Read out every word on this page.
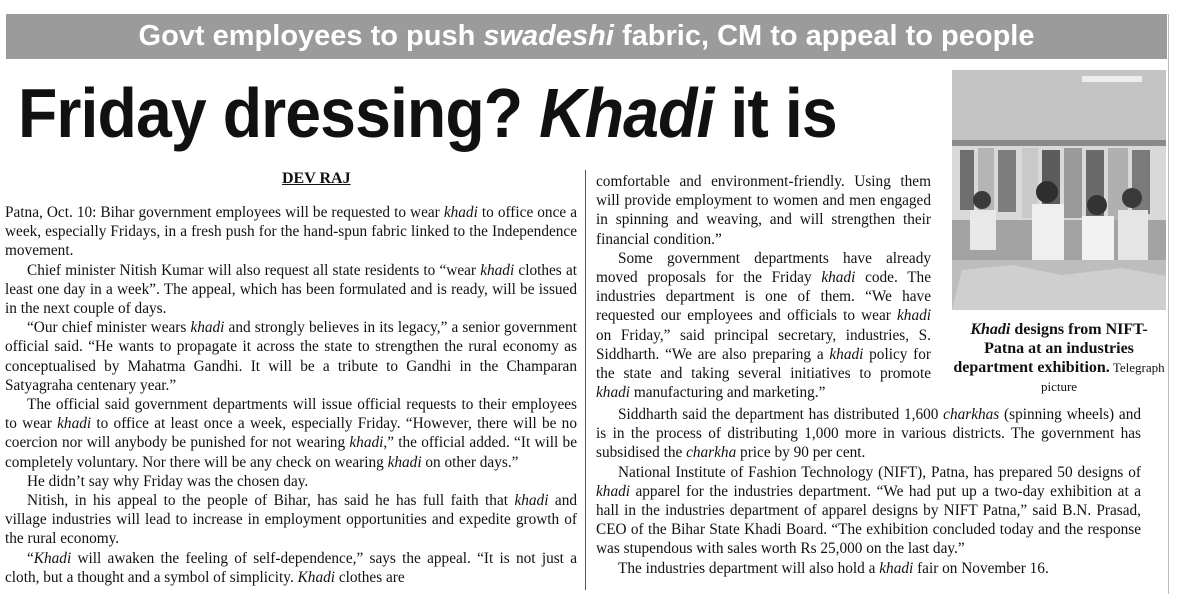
Govt employees to push swadeshi fabric, CM to appeal to people
Friday dressing? Khadi it is
DEV RAJ

Patna, Oct. 10: Bihar government employees will be requested to wear khadi to office once a week, especially Fridays, in a fresh push for the hand-spun fabric linked to the Independence movement.

Chief minister Nitish Kumar will also request all state residents to “wear khadi clothes at least one day in a week”. The appeal, which has been formulated and is ready, will be issued in the next couple of days.

“Our chief minister wears khadi and strongly believes in its legacy,” a senior government official said. “He wants to propagate it across the state to strengthen the rural economy as conceptualised by Mahatma Gandhi. It will be a tribute to Gandhi in the Champaran Satyagraha centenary year.”

The official said government departments will issue official requests to their employees to wear khadi to office at least once a week, especially Friday. “However, there will be no coercion nor will anybody be punished for not wearing khadi,” the official added. “It will be completely voluntary. Nor there will be any check on wearing khadi on other days.”

He didn’t say why Friday was the chosen day.

Nitish, in his appeal to the people of Bihar, has said he has full faith that khadi and village industries will lead to increase in employment opportunities and expedite growth of the rural economy.

“Khadi will awaken the feeling of self-dependence,” says the appeal. “It is not just a cloth, but a thought and a symbol of simplicity. Khadi clothes are

comfortable and environment-friendly. Using them will provide employment to women and men engaged in spinning and weaving, and will strengthen their financial condition.”

Some government departments have already moved proposals for the Friday khadi code. The industries department is one of them. “We have requested our employees and officials to wear khadi on Friday,” said principal secretary, industries, S. Siddharth. “We are also preparing a khadi policy for the state and taking several initiatives to promote khadi manufacturing and marketing.”

Siddharth said the department has distributed 1,600 charkhas (spinning wheels) and is in the process of distributing 1,000 more in various districts. The government has subsidised the charkha price by 90 per cent.

National Institute of Fashion Technology (NIFT), Patna, has prepared 50 designs of khadi apparel for the industries department. “We had put up a two-day exhibition at a hall in the industries department of apparel designs by NIFT Patna,” said B.N. Prasad, CEO of the Bihar State Khadi Board. “The exhibition concluded today and the response was stupendous with sales worth Rs 25,000 on the last day.”

The industries department will also hold a khadi fair on November 16.

Khadi designs from NIFT-Patna at an industries department exhibition. Telegraph picture
